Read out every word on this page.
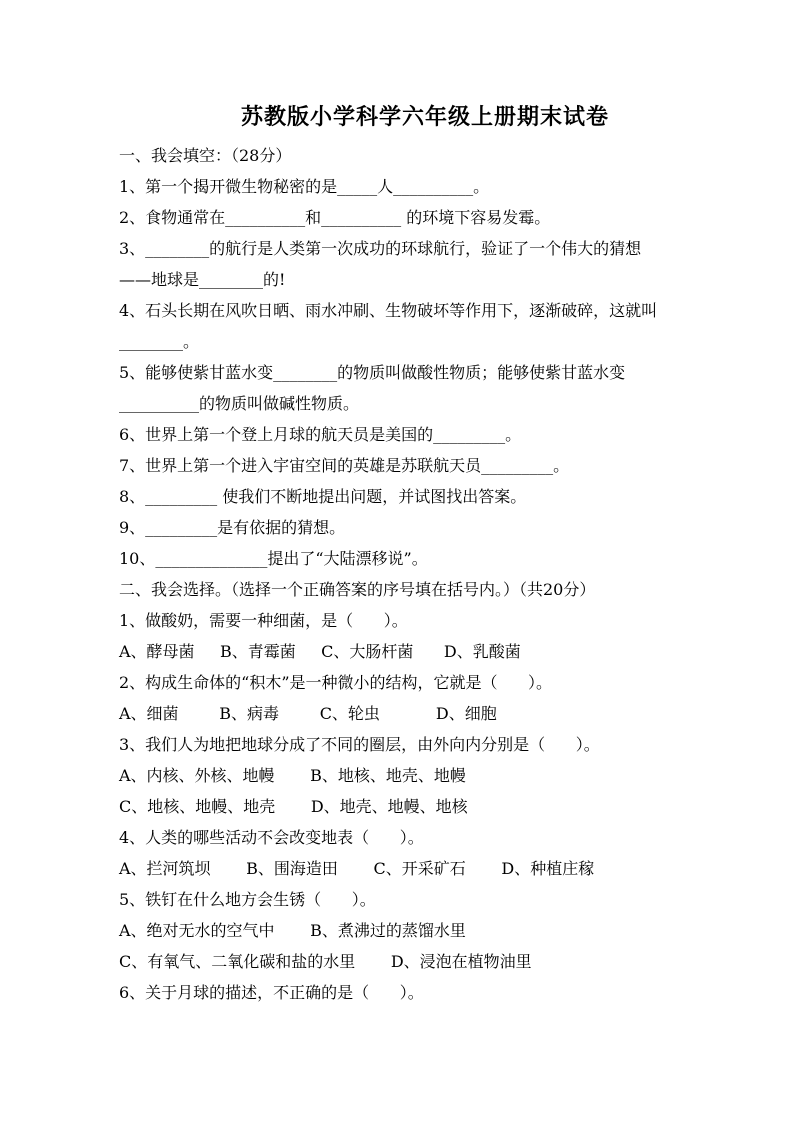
苏教版小学科学六年级上册期末试卷
一、我会填空：（28分）
1、第一个揭开微生物秘密的是_____人__________。
2、食物通常在__________和__________ 的环境下容易发霉。
3、________的航行是人类第一次成功的环球航行，验证了一个伟大的猜想
——地球是________的!
4、石头长期在风吹日晒、雨水冲刷、生物破坏等作用下，逐渐破碎，这就叫
________。
5、能够使紫甘蓝水变________的物质叫做酸性物质；能够使紫甘蓝水变
__________的物质叫做碱性物质。
6、世界上第一个登上月球的航天员是美国的_________。
7、世界上第一个进入宇宙空间的英雄是苏联航天员_________。
8、_________ 使我们不断地提出问题，并试图找出答案。
9、_________是有依据的猜想。
10、______________提出了“大陆漂移说”。
二、我会选择。（选择一个正确答案的序号填在括号内。）（共20分）
1、做酸奶，需要一种细菌，是（      ）。
A、酵母菌     B、青霉菌     C、大肠杆菌      D、乳酸菌
2、构成生命体的“积木”是一种微小的结构，它就是（      ）。
A、细菌        B、病毒        C、轮虫           D、细胞
3、我们人为地把地球分成了不同的圈层，由外向内分别是（      ）。
A、内核、外核、地幔       B、地核、地壳、地幔
C、地核、地幔、地壳       D、地壳、地幔、地核
4、人类的哪些活动不会改变地表（      ）。
A、拦河筑坝       B、围海造田       C、开采矿石       D、种植庄稼
5、铁钉在什么地方会生锈（      ）。
A、绝对无水的空气中       B、煮沸过的蒸馏水里
C、有氧气、二氧化碳和盐的水里       D、浸泡在植物油里
6、关于月球的描述，不正确的是（      ）。
